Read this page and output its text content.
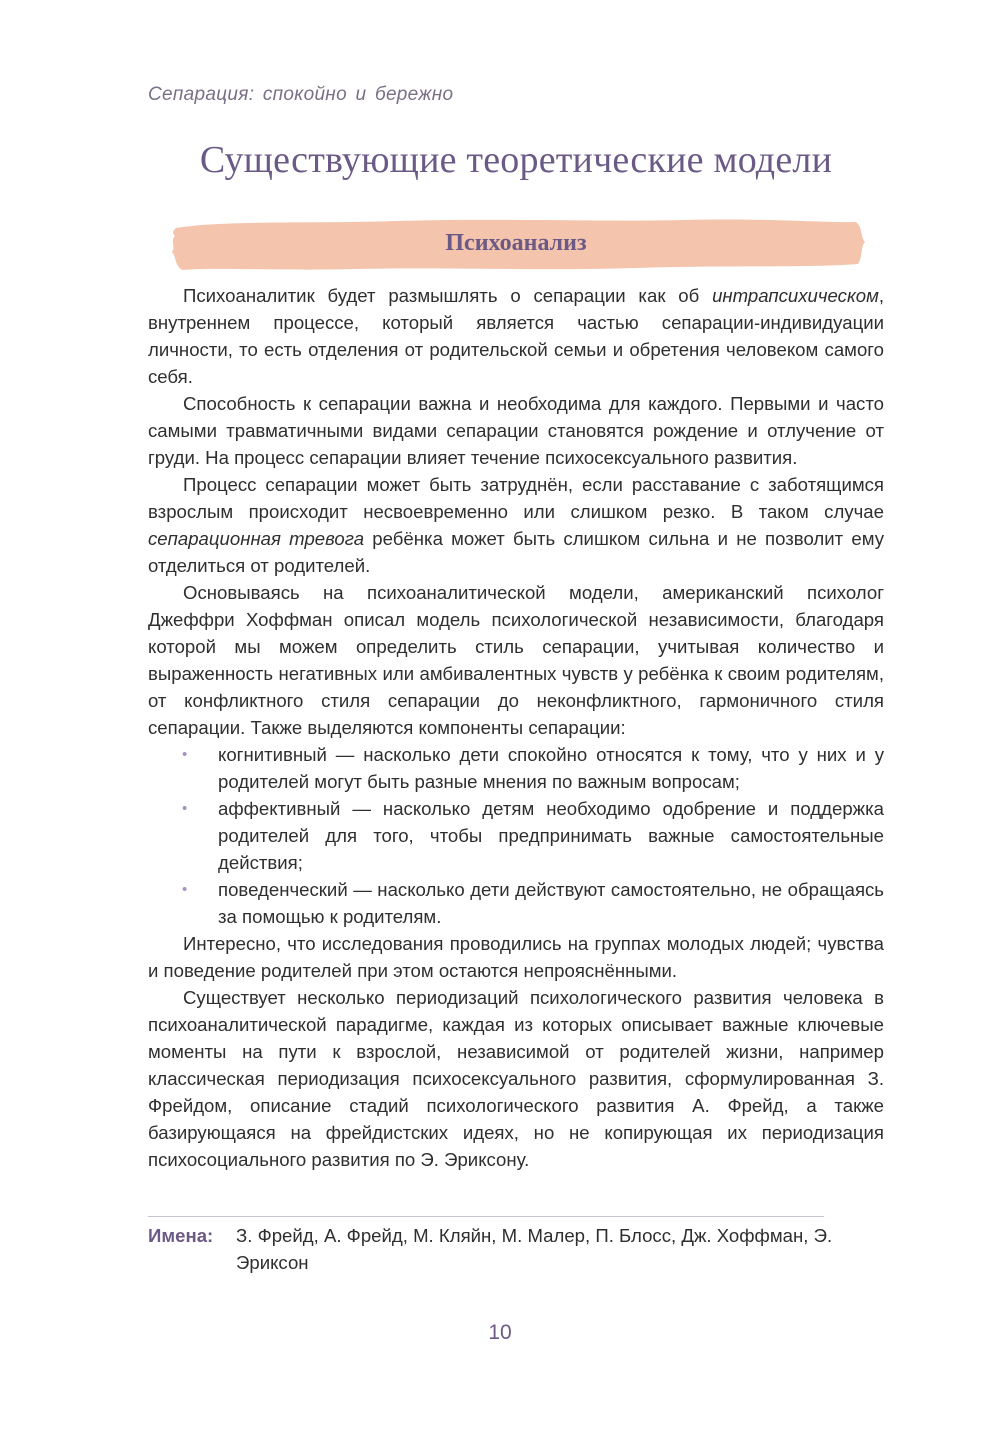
Сепарация: спокойно и бережно
Существующие теоретические модели
Психоанализ

Психоаналитик будет размышлять о сепарации как об интрапсихическом, внутреннем процессе, который является частью сепарации-индивидуации личности, то есть отделения от родительской семьи и обретения человеком самого себя.

Способность к сепарации важна и необходима для каждого. Первыми и часто самыми травматичными видами сепарации становятся рождение и отлучение от груди. На процесс сепарации влияет течение психосексуального развития.

Процесс сепарации может быть затруднён, если расставание с заботящимся взрослым происходит несвоевременно или слишком резко. В таком случае сепарационная тревога ребёнка может быть слишком сильна и не позволит ему отделиться от родителей.

Основываясь на психоаналитической модели, американский психолог Джеффри Хоффман описал модель психологической независимости, благодаря которой мы можем определить стиль сепарации, учитывая количество и выраженность негативных или амбивалентных чувств у ребёнка к своим родителям, от конфликтного стиля сепарации до неконфликтного, гармоничного стиля сепарации. Также выделяются компоненты сепарации:

• когнитивный — насколько дети спокойно относятся к тому, что у них и у родителей могут быть разные мнения по важным вопросам;
• аффективный — насколько детям необходимо одобрение и поддержка родителей для того, чтобы предпринимать важные самостоятельные действия;
• поведенческий — насколько дети действуют самостоятельно, не обращаясь за помощью к родителям.

Интересно, что исследования проводились на группах молодых людей; чувства и поведение родителей при этом остаются непрояснёнными.

Существует несколько периодизаций психологического развития человека в психоаналитической парадигме, каждая из которых описывает важные ключевые моменты на пути к взрослой, независимой от родителей жизни, например классическая периодизация психосексуального развития, сформулированная З. Фрейдом, описание стадий психологического развития А. Фрейд, а также базирующаяся на фрейдистских идеях, но не копирующая их периодизация психосоциального развития по Э. Эриксону.

Имена: З. Фрейд, А. Фрейд, М. Кляйн, М. Малер, П. Блосс, Дж. Хоффман, Э. Эриксон
10
